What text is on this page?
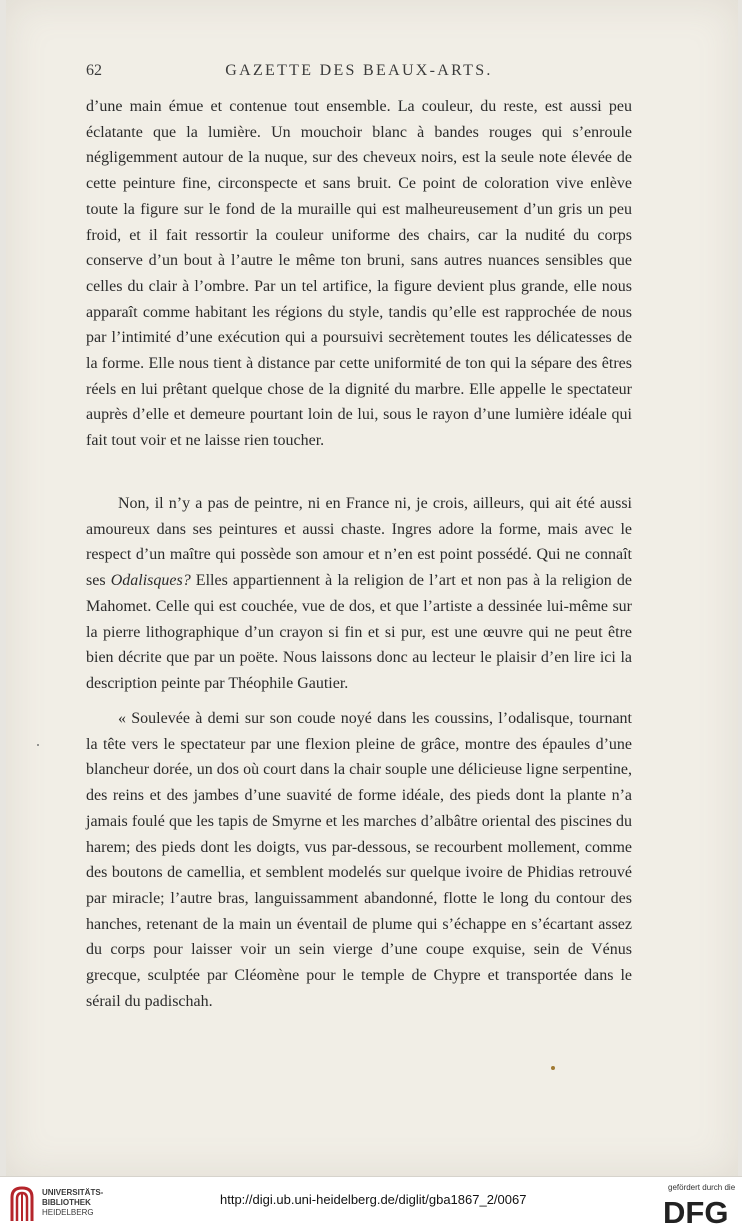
62	GAZETTE DES BEAUX-ARTS.

d’une main émue et contenue tout ensemble. La couleur, du reste, est aussi peu éclatante que la lumière. Un mouchoir blanc à bandes rouges qui s’enroule négligemment autour de la nuque, sur des cheveux noirs, est la seule note élevée de cette peinture fine, circonspecte et sans bruit. Ce point de coloration vive enlève toute la figure sur le fond de la muraille qui est malheureusement d’un gris un peu froid, et il fait ressortir la couleur uniforme des chairs, car la nudité du corps conserve d’un bout à l’autre le même ton bruni, sans autres nuances sensibles que celles du clair à l’ombre. Par un tel artifice, la figure devient plus grande, elle nous apparaît comme habitant les régions du style, tandis qu’elle est rapprochée de nous par l’intimité d’une exécution qui a poursuivi secrètement toutes les délicatesses de la forme. Elle nous tient à distance par cette uniformité de ton qui la sépare des êtres réels en lui prêtant quelque chose de la dignité du marbre. Elle appelle le spectateur auprès d’elle et demeure pourtant loin de lui, sous le rayon d’une lumière idéale qui fait tout voir et ne laisse rien toucher.

Non, il n’y a pas de peintre, ni en France ni, je crois, ailleurs, qui ait été aussi amoureux dans ses peintures et aussi chaste. Ingres adore la forme, mais avec le respect d’un maître qui possède son amour et n’en est point possédé. Qui ne connaît ses Odalisques? Elles appartiennent à la religion de l’art et non pas à la religion de Mahomet. Celle qui est couchée, vue de dos, et que l’artiste a dessinée lui-même sur la pierre lithographique d’un crayon si fin et si pur, est une œuvre qui ne peut être bien décrite que par un poëte. Nous laissons donc au lecteur le plaisir d’en lire ici la description peinte par Théophile Gautier.

« Soulevée à demi sur son coude noyé dans les coussins, l’odalisque, tournant la tête vers le spectateur par une flexion pleine de grâce, montre des épaules d’une blancheur dorée, un dos où court dans la chair souple une délicieuse ligne serpentine, des reins et des jambes d’une suavité de forme idéale, des pieds dont la plante n’a jamais foulé que les tapis de Smyrne et les marches d’albâtre oriental des piscines du harem; des pieds dont les doigts, vus par-dessous, se recourbent mollement, comme des boutons de camellia, et semblent modelés sur quelque ivoire de Phidias retrouvé par miracle; l’autre bras, languissamment abandonné, flotte le long du contour des hanches, retenant de la main un éventail de plume qui s’échappe en s’écartant assez du corps pour laisser voir un sein vierge d’une coupe exquise, sein de Vénus grecque, sculptée par Cléomène pour le temple de Chypre et transportée dans le sérail du padischah.

UNIVERSITÄTS-
BIBLIOTHEK
HEIDELBERG
http://digi.ub.uni-heidelberg.de/diglit/gba1867_2/0067
gefördert durch die
DFG
